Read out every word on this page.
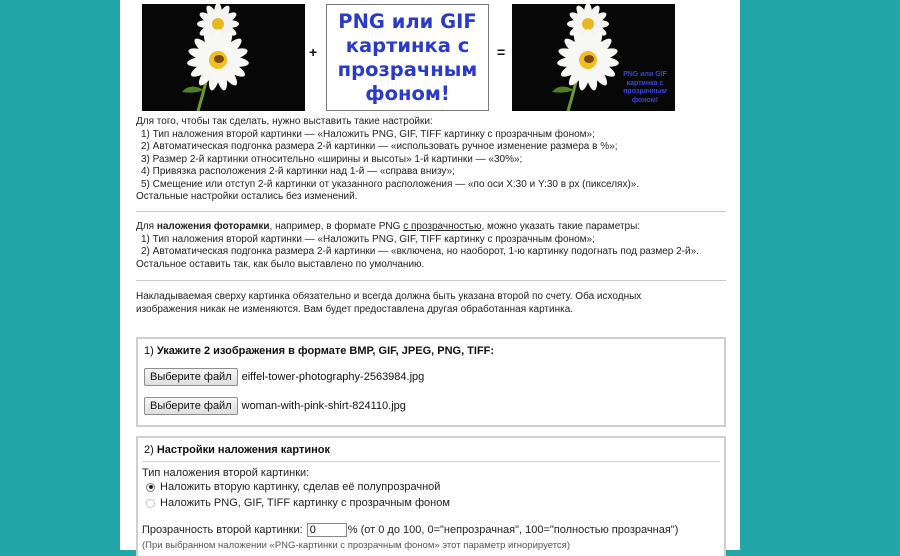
+
PNG или GIF
картинка с
прозрачным
фоном!
=
PNG или GIF
картинка с
прозрачным
фоном!
Для того, чтобы так сделать, нужно выставить такие настройки:
1) Тип наложения второй картинки — «Наложить PNG, GIF, TIFF картинку с прозрачным фоном»;
2) Автоматическая подгонка размера 2-й картинки — «использовать ручное изменение размера в %»;
3) Размер 2-й картинки относительно «ширины и высоты» 1-й картинки — «30%»;
4) Привязка расположения 2-й картинки над 1-й — «справа внизу»;
5) Смещение или отступ 2-й картинки от указанного расположения — «по оси X:30 и Y:30 в px (пикселях)».
Остальные настройки остались без изменений.
Для наложения фоторамки, например, в формате PNG с прозрачностью, можно указать такие параметры:
1) Тип наложения второй картинки — «Наложить PNG, GIF, TIFF картинку с прозрачным фоном»;
2) Автоматическая подгонка размера 2-й картинки — «включена, но наоборот, 1-ю картинку подогнать под размер 2-й».
Остальное оставить так, как было выставлено по умолчанию.
Накладываемая сверху картинка обязательно и всегда должна быть указана второй по счету. Оба исходных
изображения никак не изменяются. Вам будет предоставлена другая обработанная картинка.
1) Укажите 2 изображения в формате BMP, GIF, JPEG, PNG, TIFF:
Выберите файл eiffel-tower-photography-2563984.jpg
Выберите файл woman-with-pink-shirt-824110.jpg
2) Настройки наложения картинок
Тип наложения второй картинки:
Наложить вторую картинку, сделав её полупрозрачной
Наложить PNG, GIF, TIFF картинку с прозрачным фоном
Прозрачность второй картинки:

0	% (от 0 до 100, 0="непрозрачная", 100="полностью прозрачная")
(При выбранном наложении «PNG-картинки с прозрачным фоном» этот параметр игнорируется)
